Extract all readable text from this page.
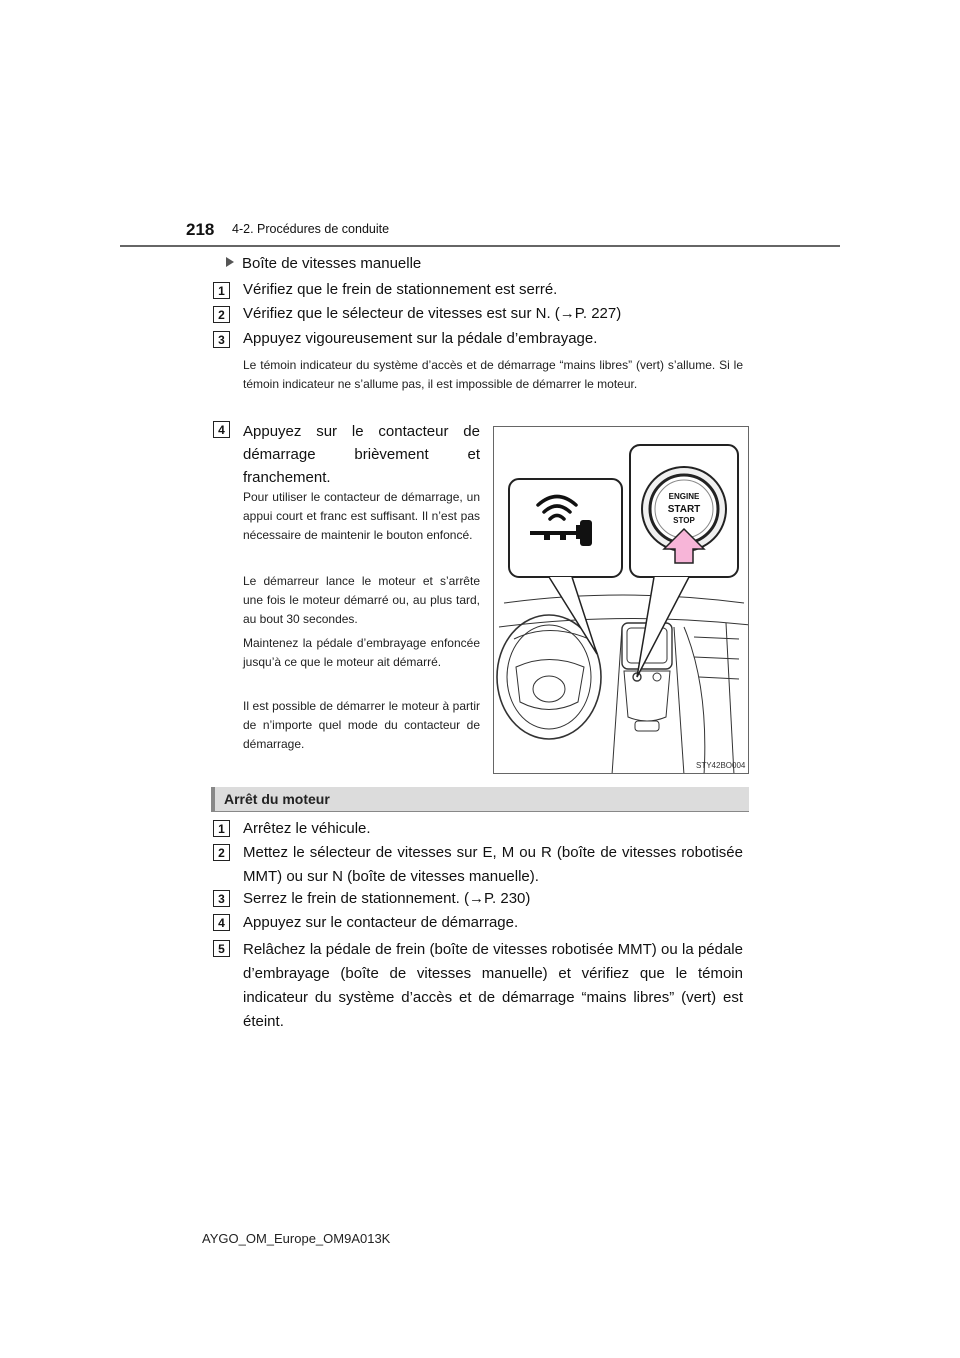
218 4-2. Procédures de conduite
Boîte de vitesses manuelle
1	Vérifiez que le frein de stationnement est serré.
2	Vérifiez que le sélecteur de vitesses est sur N. (→P. 227)
3	Appuyez vigoureusement sur la pédale d’embrayage.
Le témoin indicateur du système d’accès et de démarrage “mains libres” (vert) s’allume. Si le témoin indicateur ne s’allume pas, il est impossible de démarrer le moteur.
4	Appuyez sur le contacteur de démarrage brièvement et franchement.
Pour utiliser le contacteur de démarrage, un appui court et franc est suffisant. Il n’est pas nécessaire de maintenir le bouton enfoncé.
Le démarreur lance le moteur et s’arrête une fois le moteur démarré ou, au plus tard, au bout 30 secondes.
Maintenez la pédale d’embrayage enfoncée jusqu’à ce que le moteur ait démarré.
Il est possible de démarrer le moteur à partir de n’importe quel mode du contacteur de démarrage.
ENGINE
START
STOP
STY42BO004
Arrêt du moteur
1	Arrêtez le véhicule.
2	Mettez le sélecteur de vitesses sur E, M ou R (boîte de vitesses robotisée MMT) ou sur N (boîte de vitesses manuelle).
3	Serrez le frein de stationnement. (→P. 230)
4	Appuyez sur le contacteur de démarrage.
5	Relâchez la pédale de frein (boîte de vitesses robotisée MMT) ou la pédale d’embrayage (boîte de vitesses manuelle) et vérifiez que le témoin indicateur du système d’accès et de démarrage “mains libres” (vert) est éteint.
AYGO_OM_Europe_OM9A013K
